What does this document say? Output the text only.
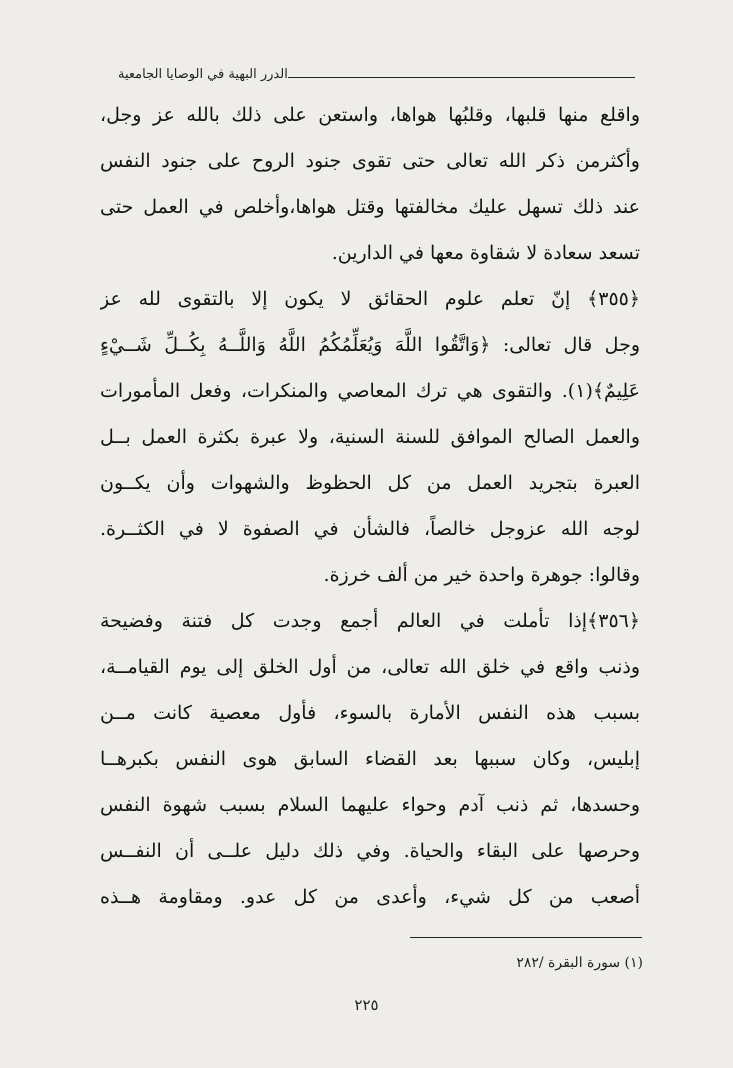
الدرر البهية في الوصايا الجامعية
واقلع منها قلبها، وقلبُها هواها، واستعن على ذلك بالله عز وجل،
وأكثرمن ذكر الله تعالى حتى تقوى جنود الروح على جنود النفس
عند ذلك تسهل عليك مخالفتها وقتل هواها،وأخلص في العمل حتى
تسعد سعادة لا شقاوة معها في الدارين.
﴿٣٥٥﴾ إنّ تعلم علوم الحقائق لا يكون إلا بالتقوى لله عز
وجل قال تعالى: ﴿وَاتَّقُوا اللَّهَ وَيُعَلِّمُكُمُ اللَّهُ وَاللَّــهُ بِكُــلِّ شَــيْءٍ
عَلِيمٌ﴾(١). والتقوى هي ترك المعاصي والمنكرات، وفعل المأمورات
والعمل الصالح الموافق للسنة السنية، ولا عبرة بكثرة العمل بــل
العبرة بتجريد العمل من كل الحظوظ والشهوات وأن يكــون
لوجه الله عزوجل خالصاً، فالشأن في الصفوة لا في الكثــرة.
وقالوا: جوهرة واحدة خير من ألف خرزة.
﴿٣٥٦﴾إذا تأملت في العالم أجمع وجدت كل فتنة وفضيحة
وذنب واقع في خلق الله تعالى، من أول الخلق إلى يوم القيامــة،
بسبب هذه النفس الأمارة بالسوء، فأول معصية كانت مــن
إبليس، وكان سببها بعد القضاء السابق هوى النفس بكبرهــا
وحسدها، ثم ذنب آدم وحواء عليهما السلام بسبب شهوة النفس
وحرصها على البقاء والحياة. وفي ذلك دليل علــى أن النفــس
أصعب من كل شيء، وأعدى من كل عدو. ومقاومة هــذه
(١) سورة البقرة /٢٨٢
٢٢٥
